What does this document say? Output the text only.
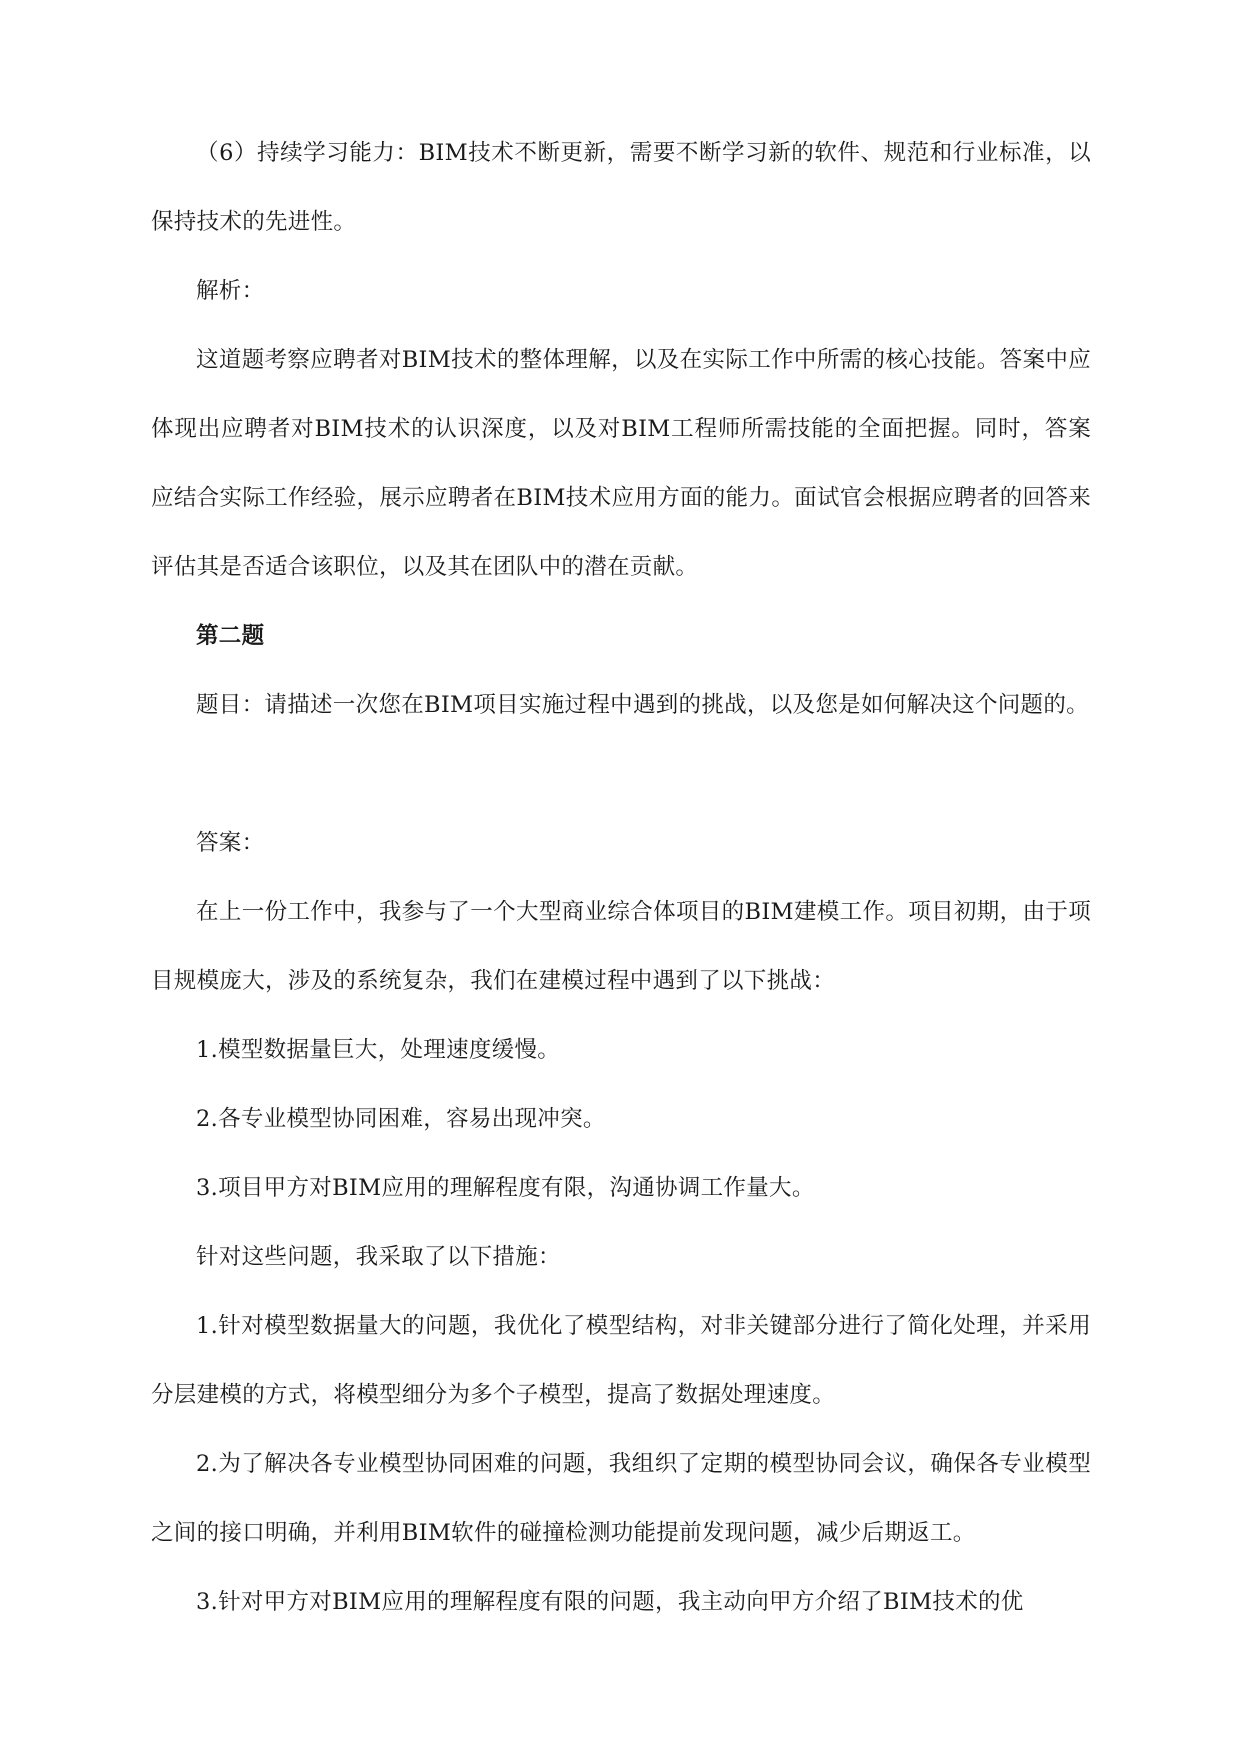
（6）持续学习能力：BIM技术不断更新，需要不断学习新的软件、规范和行业标准，以保持技术的先进性。

解析：

这道题考察应聘者对BIM技术的整体理解，以及在实际工作中所需的核心技能。答案中应体现出应聘者对BIM技术的认识深度，以及对BIM工程师所需技能的全面把握。同时，答案应结合实际工作经验，展示应聘者在BIM技术应用方面的能力。面试官会根据应聘者的回答来评估其是否适合该职位，以及其在团队中的潜在贡献。

第二题

题目：请描述一次您在BIM项目实施过程中遇到的挑战，以及您是如何解决这个问题的。

答案：

在上一份工作中，我参与了一个大型商业综合体项目的BIM建模工作。项目初期，由于项目规模庞大，涉及的系统复杂，我们在建模过程中遇到了以下挑战：

1.模型数据量巨大，处理速度缓慢。

2.各专业模型协同困难，容易出现冲突。

3.项目甲方对BIM应用的理解程度有限，沟通协调工作量大。

针对这些问题，我采取了以下措施：

1.针对模型数据量大的问题，我优化了模型结构，对非关键部分进行了简化处理，并采用分层建模的方式，将模型细分为多个子模型，提高了数据处理速度。

2.为了解决各专业模型协同困难的问题，我组织了定期的模型协同会议，确保各专业模型之间的接口明确，并利用BIM软件的碰撞检测功能提前发现问题，减少后期返工。

3.针对甲方对BIM应用的理解程度有限的问题，我主动向甲方介绍了BIM技术的优
